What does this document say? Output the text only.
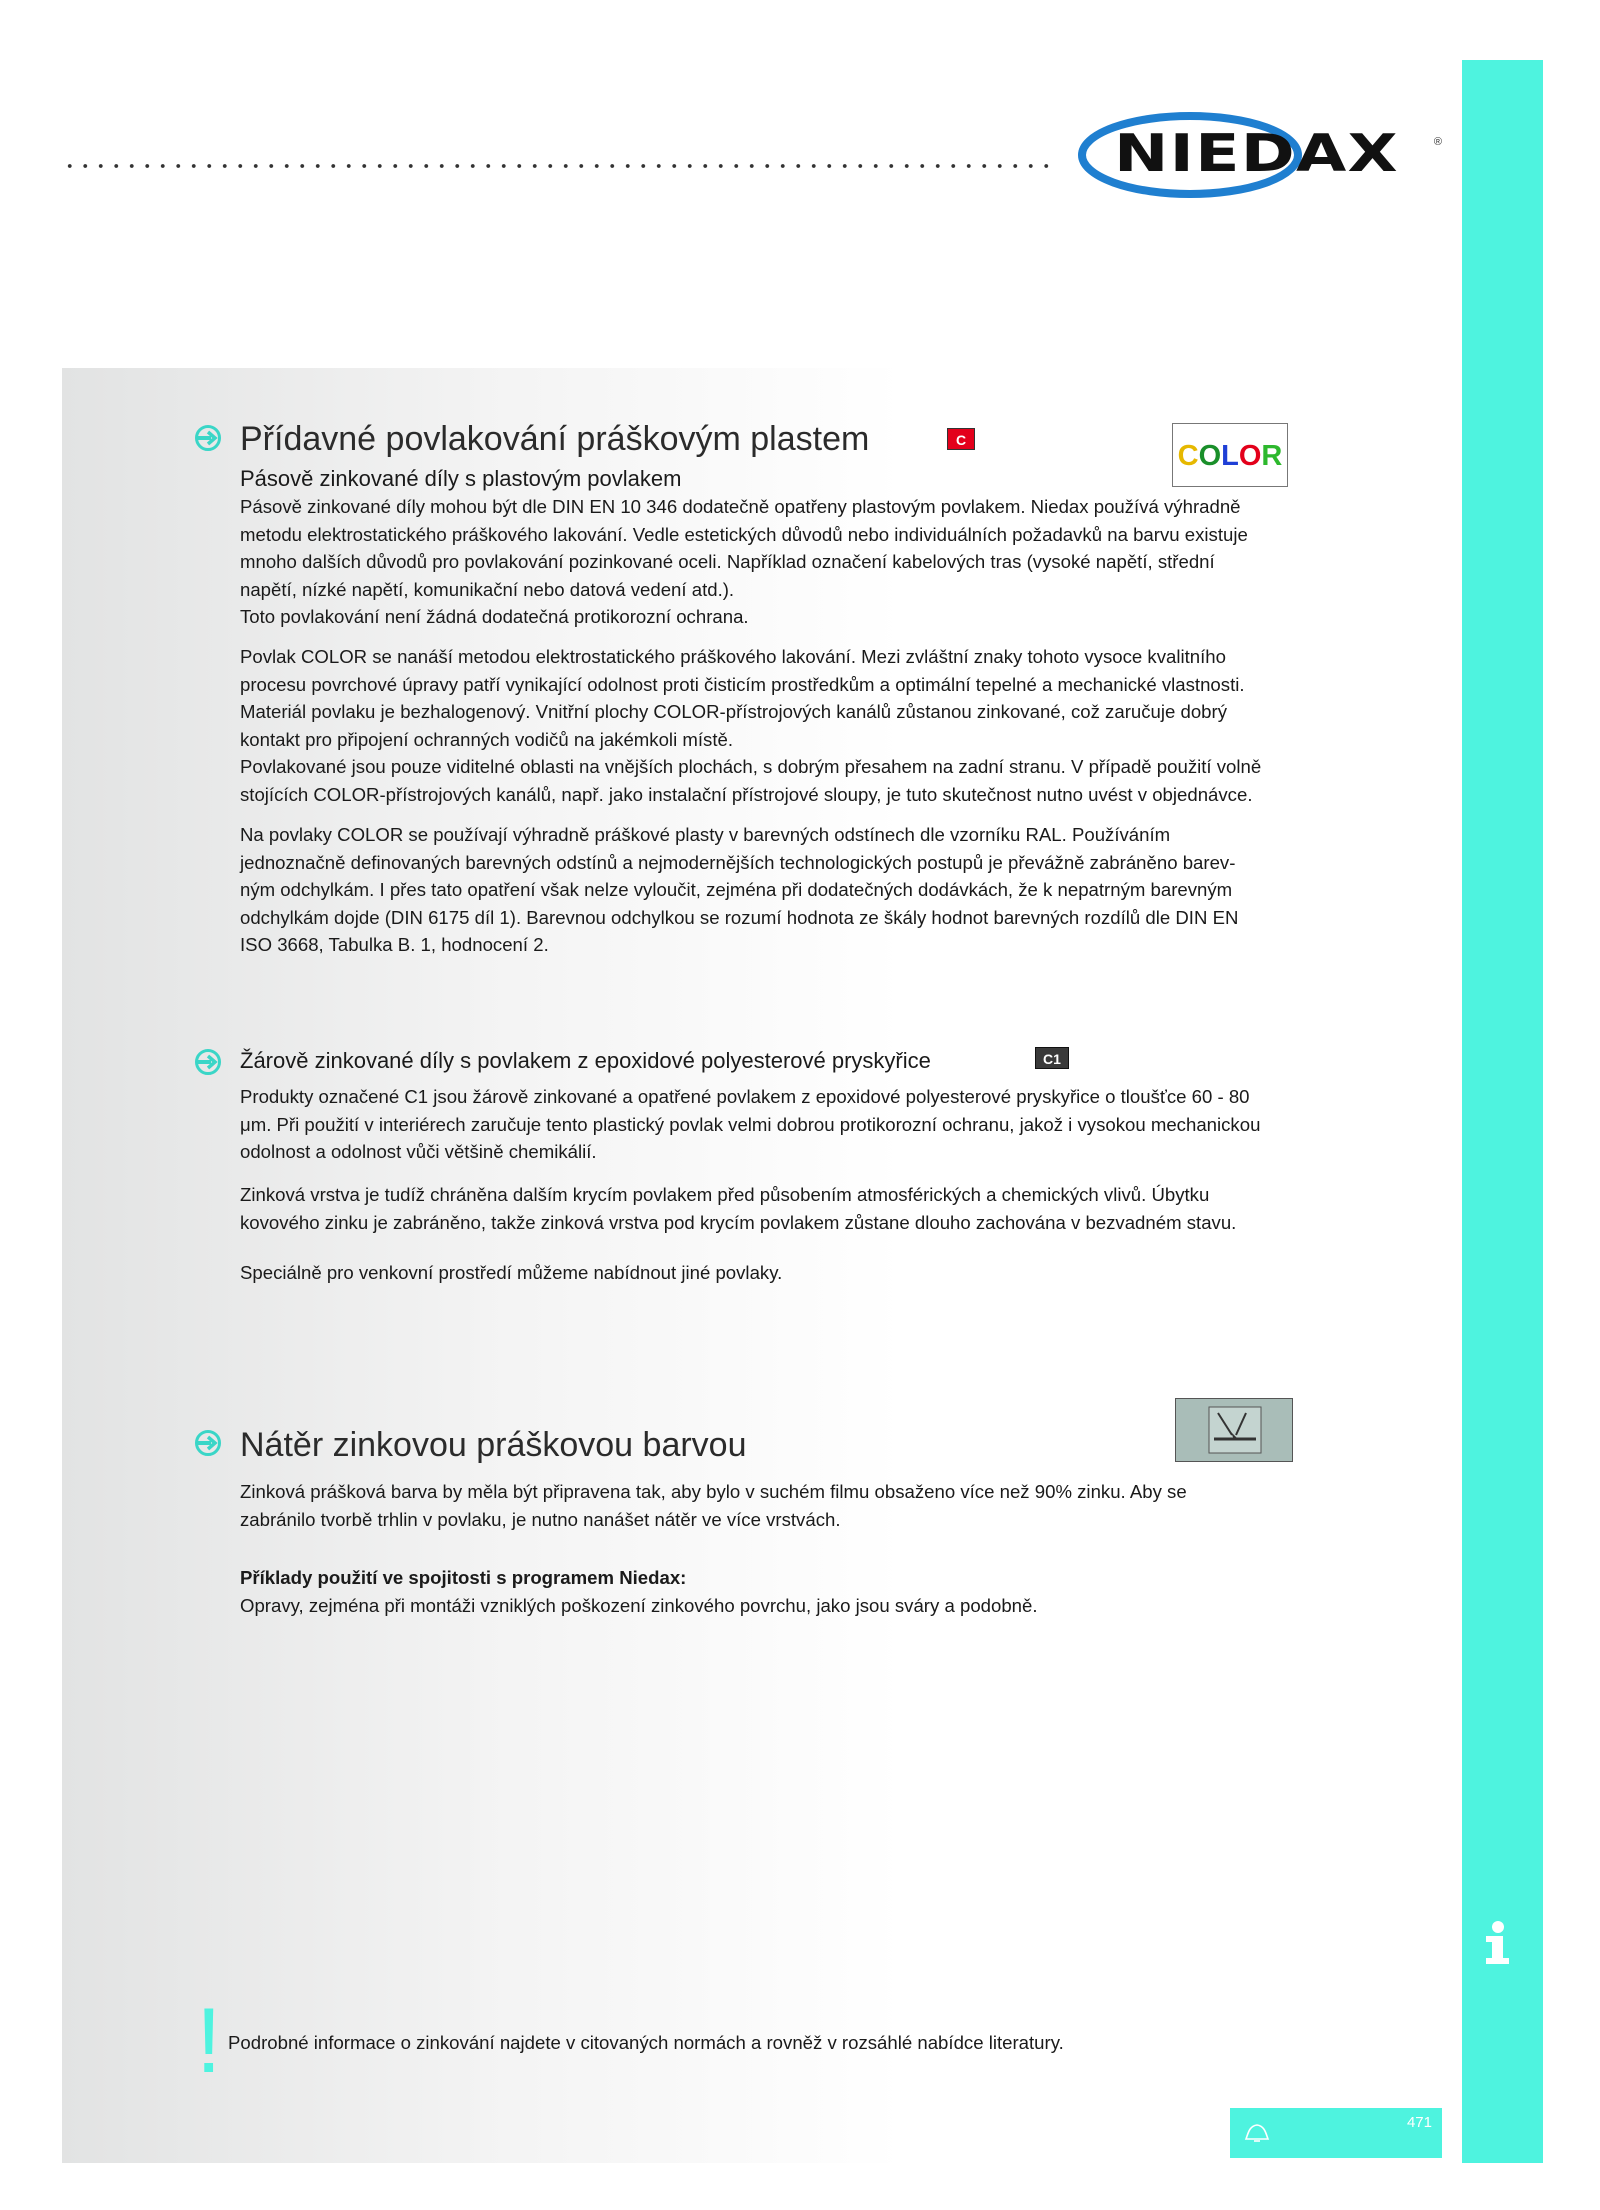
NIEDAX	®
Přídavné povlakování práškovým plastem	C	COLOR
Pásově zinkované díly s plastovým povlakem
Pásově zinkované díly mohou být dle DIN EN 10 346 dodatečně opatřeny plastovým povlakem. Niedax používá výhradně
metodu elektrostatického práškového lakování. Vedle estetických důvodů nebo individuálních požadavků na barvu existuje
mnoho dalších důvodů pro povlakování pozinkované oceli. Například označení kabelových tras (vysoké napětí, střední
napětí, nízké napětí, komunikační nebo datová vedení atd.).
Toto povlakování není žádná dodatečná protikorozní ochrana.
Povlak COLOR se nanáší metodou elektrostatického práškového lakování. Mezi zvláštní znaky tohoto vysoce kvalitního
procesu povrchové úpravy patří vynikající odolnost proti čisticím prostředkům a optimální tepelné a mechanické vlastnosti.
Materiál povlaku je bezhalogenový. Vnitřní plochy COLOR-přístrojových kanálů zůstanou zinkované, což zaručuje dobrý
kontakt pro připojení ochranných vodičů na jakémkoli místě.
Povlakované jsou pouze viditelné oblasti na vnějších plochách, s dobrým přesahem na zadní stranu. V případě použití volně
stojících COLOR-přístrojových kanálů, např. jako instalační přístrojové sloupy, je tuto skutečnost nutno uvést v objednávce.
Na povlaky COLOR se používají výhradně práškové plasty v barevných odstínech dle vzorníku RAL. Používáním
jednoznačně definovaných barevných odstínů a nejmodernějších technologických postupů je převážně zabráněno barev-
ným odchylkám. I přes tato opatření však nelze vyloučit, zejména při dodatečných dodávkách, že k nepatrným barevným
odchylkám dojde (DIN 6175 díl 1). Barevnou odchylkou se rozumí hodnota ze škály hodnot barevných rozdílů dle DIN EN
ISO 3668, Tabulka B. 1, hodnocení 2.
Žárově zinkované díly s povlakem z epoxidové polyesterové pryskyřice	C1
Produkty označené C1 jsou žárově zinkované a opatřené povlakem z epoxidové polyesterové pryskyřice o tloušťce 60 - 80
μm. Při použití v interiérech zaručuje tento plastický povlak velmi dobrou protikorozní ochranu, jakož i vysokou mechanickou
odolnost a odolnost vůči většině chemikálií.
Zinková vrstva je tudíž chráněna dalším krycím povlakem před působením atmosférických a chemických vlivů. Úbytku
kovového zinku je zabráněno, takže zinková vrstva pod krycím povlakem zůstane dlouho zachována v bezvadném stavu.
Speciálně pro venkovní prostředí můžeme nabídnout jiné povlaky.
Nátěr zinkovou práškovou barvou
Zinková prášková barva by měla být připravena tak, aby bylo v suchém filmu obsaženo více než 90% zinku. Aby se
zabránilo tvorbě trhlin v povlaku, je nutno nanášet nátěr ve více vrstvách.
Příklady použití ve spojitosti s programem Niedax:
Opravy, zejména při montáži vzniklých poškození zinkového povrchu, jako jsou sváry a podobně.
! Podrobné informace o zinkování najdete v citovaných normách a rovněž v rozsáhlé nabídce literatury.
471
